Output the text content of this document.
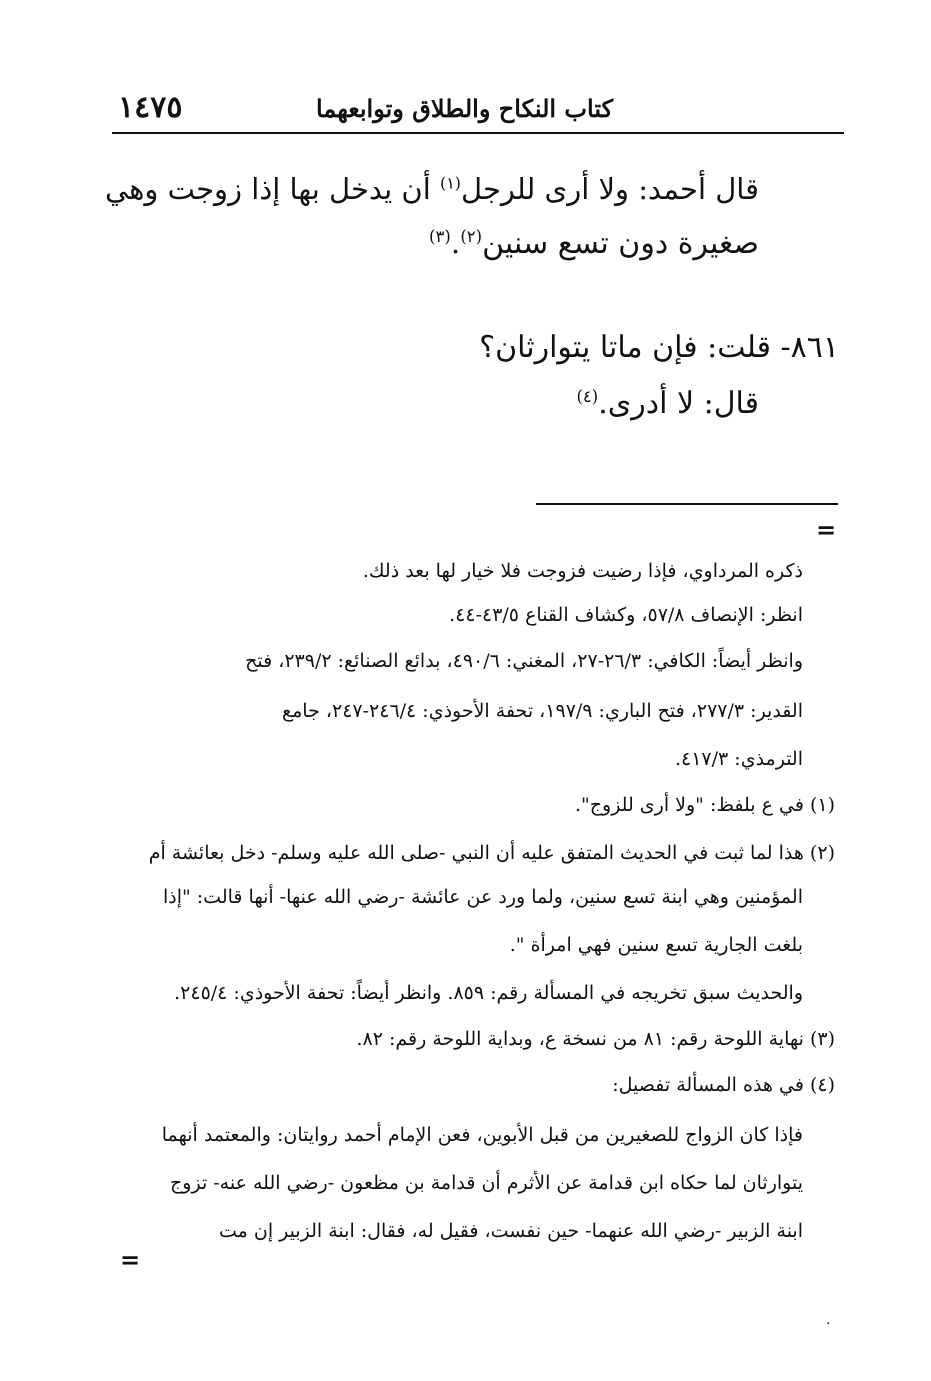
١٤٧٥	كتاب النكاح والطلاق وتوابعهما
قال أحمد: ولا أرى للرجل$^{(١)}$ أن يدخل بها إذا زوجت وهي
صغيرة دون تسع سنين$^{(٢)}$.$^{(٣)}$
٨٦١- قلت: فإن ماتا يتوارثان؟
قال: لا أدرى.$^{(٤)}$
=
ذكره المرداوي، فإذا رضيت فزوجت فلا خيار لها بعد ذلك.
انظر: الإنصاف ٥٧/٨، وكشاف القناع ٤٣/٥-٤٤.
وانظر أيضاً: الكافي: ٢٦/٣-٢٧، المغني: ٤٩٠/٦، بدائع الصنائع: ٢٣٩/٢، فتح
القدير: ٢٧٧/٣، فتح الباري: ١٩٧/٩، تحفة الأحوذي: ٢٤٦/٤-٢٤٧، جامع
الترمذي: ٤١٧/٣.
(١) في ع بلفظ: "ولا أرى للزوج".
(٢) هذا لما ثبت في الحديث المتفق عليه أن النبي -صلى الله عليه وسلم- دخل بعائشة أم
المؤمنين وهي ابنة تسع سنين، ولما ورد عن عائشة -رضي الله عنها- أنها قالت: "إذا
بلغت الجارية تسع سنين فهي امرأة ".
والحديث سبق تخريجه في المسألة رقم: ٨٥٩. وانظر أيضاً: تحفة الأحوذي: ٢٤٥/٤.
(٣) نهاية اللوحة رقم: ٨١ من نسخة ع، وبداية اللوحة رقم: ٨٢.
(٤) في هذه المسألة تفصيل:
فإذا كان الزواج للصغيرين من قبل الأبوين، فعن الإمام أحمد روايتان: والمعتمد أنهما
يتوارثان لما حكاه ابن قدامة عن الأثرم أن قدامة بن مظعون -رضي الله عنه- تزوج
ابنة الزبير -رضي الله عنهما- حين نفست، فقيل له، فقال: ابنة الزبير إن مت
=
·
